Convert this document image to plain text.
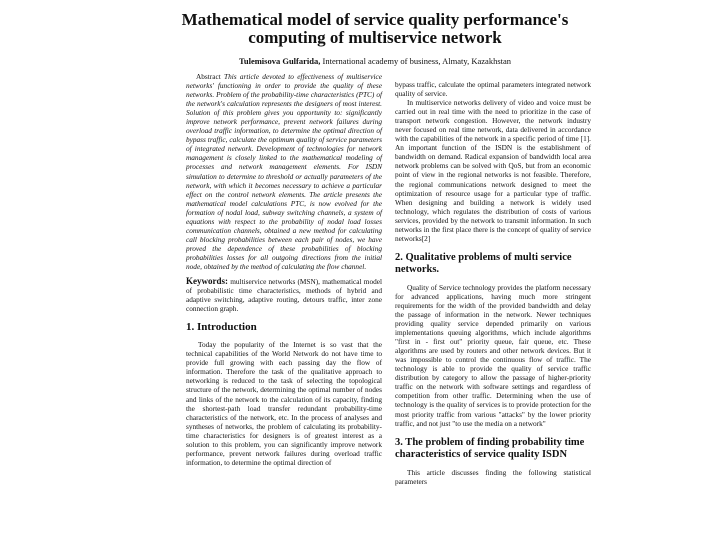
Mathematical model of service quality performance's
computing of multiservice network
Tulemisova Gulfarida, International academy of business, Almaty, Kazakhstan

Abstract This article devoted to effectiveness of multiservice networks' functioning in order to provide the quality of these networks. Problem of the probability-time characteristics (PTC) of the network's calculation represents the designers of most interest. Solution of this problem gives you opportunity to: significantly improve network performance, prevent network failures during overload traffic information, to determine the optimal direction of bypass traffic, calculate the optimum quality of service parameters of integrated network. Development of technologies for network management is closely linked to the mathematical modeling of processes and network management elements. For ISDN simulation to determine to threshold or actually parameters of the network, with which it becomes necessary to achieve a particular effect on the control network elements. The article presents the mathematical model calculations PTC, is now evolved for the formation of nodal load, subway switching channels, a system of equations with respect to the probability of nodal load losses communication channels, obtained a new method for calculating call blocking probabilities between each pair of nodes, we have proved the dependence of these probabilities of blocking probabilities losses for all outgoing directions from the initial node, obtained by the method of calculating the flow channel.

Keywords: multiservice networks (MSN), mathematical model of probabilistic time characteristics, methods of hybrid and adaptive switching, adaptive routing, detours traffic, inter zone connection graph.

1. Introduction

Today the popularity of the Internet is so vast that the technical capabilities of the World Network do not have time to provide full growing with each passing day the flow of information. Therefore the task of the qualitative approach to networking is reduced to the task of selecting the topological structure of the network, determining the optimal number of nodes and links of the network to the calculation of its capacity, finding the shortest-path load transfer redundant probability-time characteristics of the network, etc. In the process of analyses and syntheses of networks, the problem of calculating its probability-time characteristics for designers is of greatest interest as a solution to this problem, you can significantly improve network performance, prevent network failures during overload traffic information, to determine the optimal direction of

bypass traffic, calculate the optimal parameters integrated network quality of service.

In multiservice networks delivery of video and voice must be carried out in real time with the need to prioritize in the case of transport network congestion. However, the network industry never focused on real time network, data delivered in accordance with the capabilities of the network in a specific period of time [1]. An important function of the ISDN is the establishment of bandwidth on demand. Radical expansion of bandwidth local area network problems can be solved with QoS, but from an economic point of view in the regional networks is not feasible. Therefore, the regional communications network designed to meet the optimization of resource usage for a particular type of traffic. When designing and building a network is widely used technology, which regulates the distribution of costs of various services, provided by the network to transmit information. In such networks in the first place there is the concept of quality of service networks[2]

2. Qualitative problems of multi service networks.

Quality of Service technology provides the platform necessary for advanced applications, having much more stringent requirements for the width of the provided bandwidth and delay the passage of information in the network. Newer techniques providing quality service depended primarily on various implementations queuing algorithms, which include algorithms "first in - first out" priority queue, fair queue, etc. These algorithms are used by routers and other network devices. But it was impossible to control the continuous flow of traffic. The technology is able to provide the quality of service traffic distribution by category to allow the passage of higher-priority traffic on the network with software settings and regardless of competition from other traffic. Determining when the use of technology is the quality of services is to provide protection for the most priority traffic from various "attacks" by the lower priority traffic, and not just "to use the media on a network"

3. The problem of finding probability time characteristics of service quality ISDN

This article discusses finding the following statistical parameters
